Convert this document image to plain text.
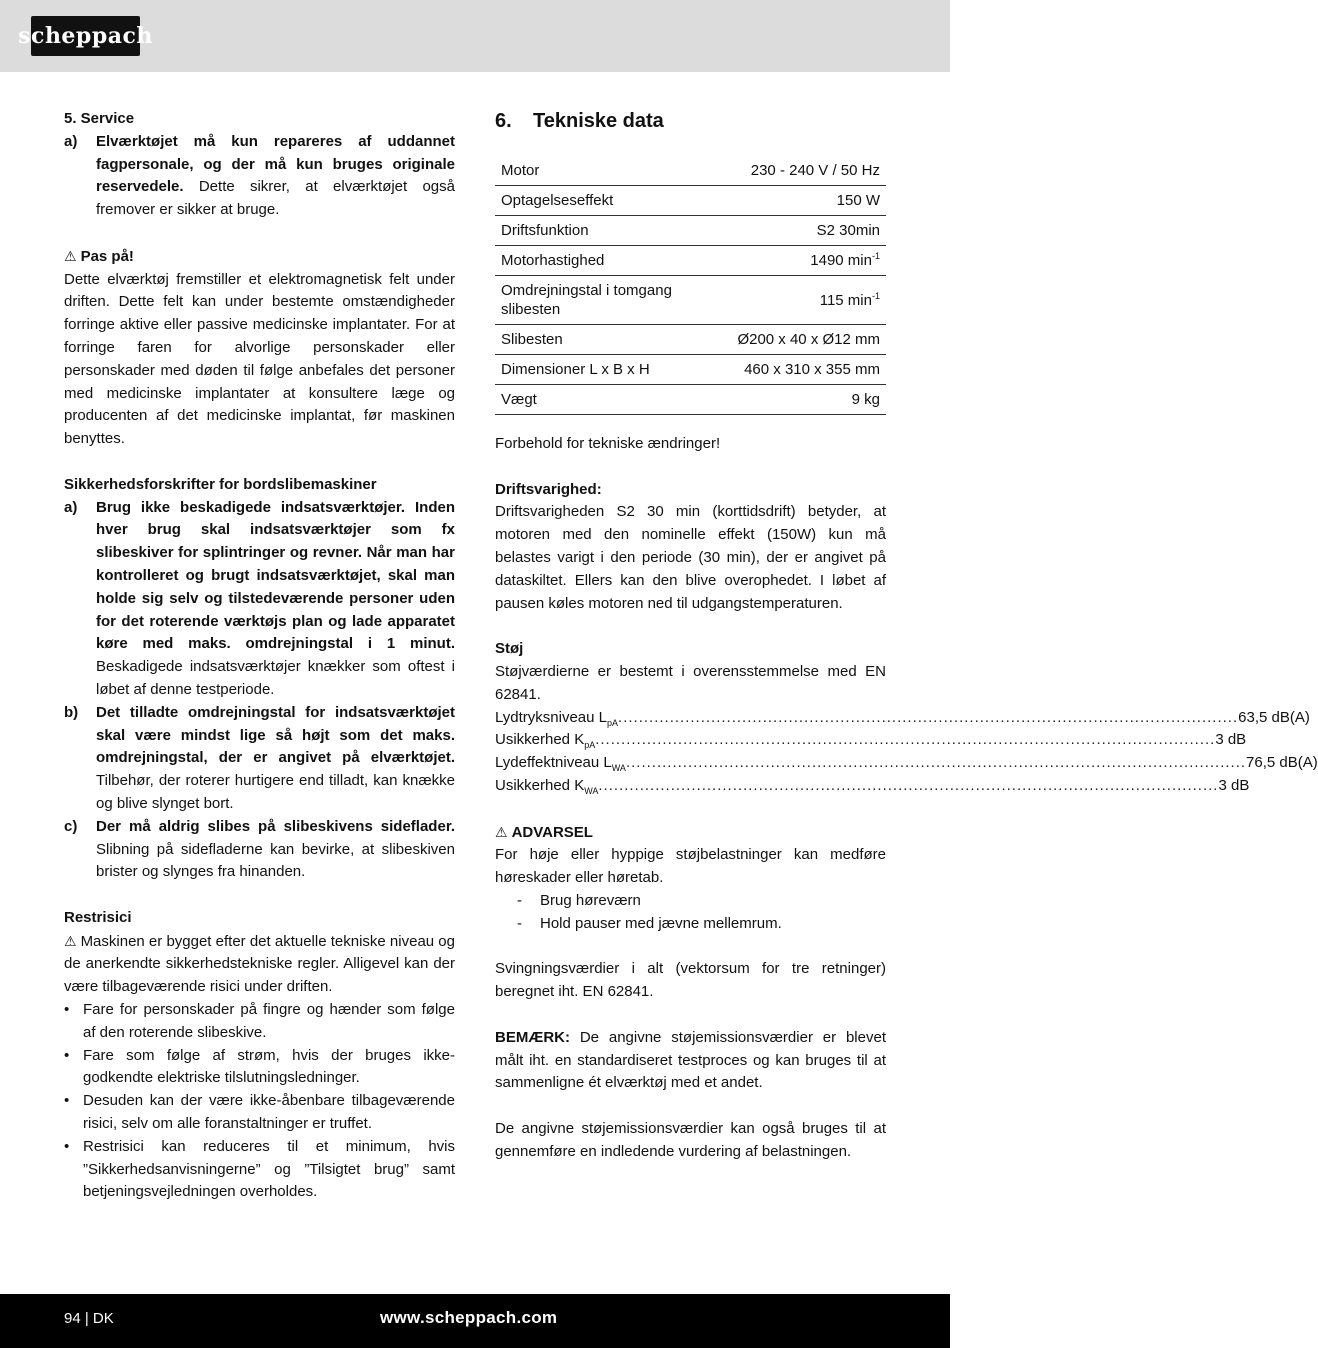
scheppach

5. Service

a)	Elværktøjet må kun repareres af uddannet fagpersonale, og der må kun bruges originale reservedele. Dette sikrer, at elværktøjet også fremover er sikker at bruge.

⚠ Pas på!

Dette elværktøj fremstiller et elektromagnetisk felt under driften. Dette felt kan under bestemte omstændigheder forringe aktive eller passive medicinske implantater. For at forringe faren for alvorlige personskader eller personskader med døden til følge anbefales det personer med medicinske implantater at konsultere læge og producenten af det medicinske implantat, før maskinen benyttes.

Sikkerhedsforskrifter for bordslibemaskiner

a)	Brug ikke beskadigede indsatsværktøjer. Inden hver brug skal indsatsværktøjer som fx slibeskiver for splintringer og revner. Når man har kontrolleret og brugt indsatsværktøjet, skal man holde sig selv og tilstedeværende personer uden for det roterende værktøjs plan og lade apparatet køre med maks. omdrejningstal i 1 minut. Beskadigede indsatsværktøjer knækker som oftest i løbet af denne testperiode.
b)	Det tilladte omdrejningstal for indsatsværktøjet skal være mindst lige så højt som det maks. omdrejningstal, der er angivet på elværktøjet. Tilbehør, der roterer hurtigere end tilladt, kan knække og blive slynget bort.
c)	Der må aldrig slibes på slibeskivens sideflader. Slibning på sidefladerne kan bevirke, at slibeskiven brister og slynges fra hinanden.

Restrisici

⚠ Maskinen er bygget efter det aktuelle tekniske niveau og de anerkendte sikkerhedstekniske regler. Alligevel kan der være tilbageværende risici under driften.

• Fare for personskader på fingre og hænder som følge af den roterende slibeskive.
• Fare som følge af strøm, hvis der bruges ikke-godkendte elektriske tilslutningsledninger.
• Desuden kan der være ikke-åbenbare tilbageværende risici, selv om alle foranstaltninger er truffet.
• Restrisici kan reduceres til et minimum, hvis ”Sikkerhedsanvisningerne” og ”Tilsigtet brug” samt betjeningsvejledningen overholdes.
6. Tekniske data
Motor	230 - 240 V / 50 Hz
Optagelseseffekt	150 W
Driftsfunktion	S2 30min
Motorhastighed	1490 $\min^{-1}$
Omdrejningstal i tomgang slibesten	115 $\min^{-1}$
Slibesten	Ø200 x 40 x Ø12 mm
Dimensioner L x B x H	460 x 310 x 355 mm
Vægt	9 kg

Forbehold for tekniske ændringer!

Driftsvarighed:

Driftsvarigheden S2 30 min (korttidsdrift) betyder, at motoren med den nominelle effekt (150W) kun må belastes varigt i den periode (30 min), der er angivet på dataskiltet. Ellers kan den blive overophedet. I løbet af pausen køles motoren ned til udgangstemperaturen.

Støj

Støjværdierne er bestemt i overensstemmelse med EN 62841.

Lydtryksniveau $L_{pA}$ ........................................................................................................................ 63,5 dB(A)
Usikkerhed $K_{pA}$ ........................................................................................................................ 3 dB
Lydeffektniveau $L_{WA}$ ........................................................................................................................ 76,5 dB(A)
Usikkerhed $K_{WA}$ ........................................................................................................................ 3 dB

⚠ ADVARSEL

For høje eller hyppige støjbelastninger kan medføre høreskader eller høretab.

-	Brug høreværn
-	Hold pauser med jævne mellemrum.

Svingningsværdier i alt (vektorsum for tre retninger) beregnet iht. EN 62841.

BEMÆRK: De angivne støjemissionsværdier er blevet målt iht. en standardiseret testproces og kan bruges til at sammenligne ét elværktøj med et andet.

De angivne støjemissionsværdier kan også bruges til at gennemføre en indledende vurdering af belastningen.

94 | DK	www.scheppach.com
